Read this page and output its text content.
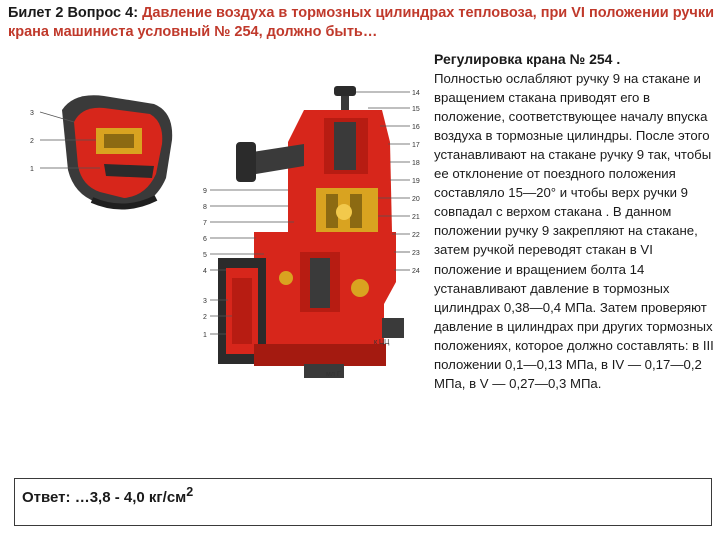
Билет 2 Вопрос 4: Давление воздуха в тормозных цилиндрах тепловоза, при VI положении ручки крана машиниста условный № 254, должно быть…
3
2
1
14
15
16
17
18
19
20
21
22
23
24
9
8
7
6
5
4
3
2
1
к ЦЦ
мл Г
Регулировка крана № 254 .
Полностью ослабляют ручку 9 на стакане и вращением стакана приводят его в положение, соответствующее началу впуска воздуха в тормозные цилиндры. После этого устанавливают на стакане ручку 9 так, чтобы ее отклонение от поездного положения составляло 15—20° и чтобы верх ручки 9 совпадал с верхом стакана . В данном положении ручку 9 закрепляют на стакане, затем ручкой переводят стакан в VI положение и вращением болта 14 устанавливают давление в тормозных цилиндрах 0,38—0,4 МПа. Затем проверяют давление в цилиндрах при других тормозных положениях, которое должно составлять: в III положении 0,1—0,13 МПа, в IV — 0,17—0,2 МПа, в V — 0,27—0,3 МПа.
Ответ: …3,8 - 4,0 $кг/см^2$
